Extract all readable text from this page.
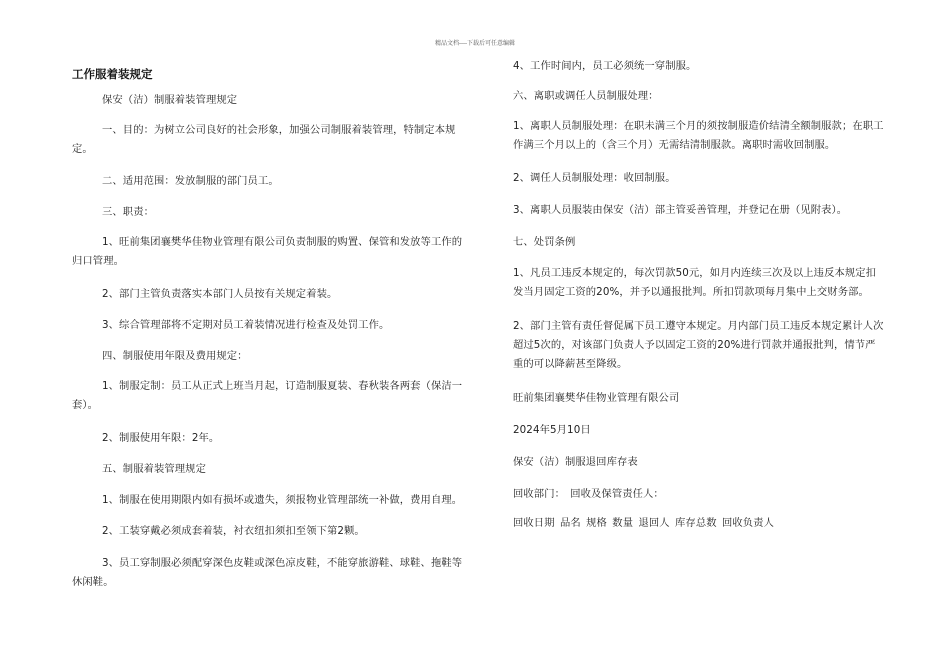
精品文档----下载后可任意编辑
工作服着装规定

保安（洁）制服着装管理规定

一、目的：为树立公司良好的社会形象，加强公司制服着装管理，特制定本规定。

二、适用范围：发放制服的部门员工。

三、职责：

1、旺前集团襄樊华佳物业管理有限公司负责制服的购置、保管和发放等工作的归口管理。

2、部门主管负责落实本部门人员按有关规定着装。

3、综合管理部将不定期对员工着装情况进行检查及处罚工作。

四、制服使用年限及费用规定：

1、制服定制：员工从正式上班当月起，订造制服夏装、春秋装各两套（保洁一套）。

2、制服使用年限：2年。

五、制服着装管理规定

1、制服在使用期限内如有损坏或遗失，须报物业管理部统一补做，费用自理。

2、工装穿戴必须成套着装，衬衣纽扣须扣至领下第2颗。

3、员工穿制服必须配穿深色皮鞋或深色凉皮鞋，不能穿旅游鞋、球鞋、拖鞋等休闲鞋。

4、工作时间内，员工必须统一穿制服。

六、离职或调任人员制服处理：

1、离职人员制服处理：在职未满三个月的须按制服造价结清全额制服款；在职工作满三个月以上的（含三个月）无需结清制服款。离职时需收回制服。

2、调任人员制服处理：收回制服。

3、离职人员服装由保安（洁）部主管妥善管理，并登记在册（见附表）。

七、处罚条例

1、凡员工违反本规定的，每次罚款50元，如月内连续三次及以上违反本规定扣发当月固定工资的20%，并予以通报批判。所扣罚款项每月集中上交财务部。

2、部门主管有责任督促属下员工遵守本规定。月内部门员工违反本规定累计人次超过5次的，对该部门负责人予以固定工资的20%进行罚款并通报批判，情节严重的可以降薪甚至降级。

旺前集团襄樊华佳物业管理有限公司

2024年5月10日

保安（洁）制服退回库存表

回收部门：　回收及保管责任人：

回收日期 品名 规格 数量 退回人 库存总数 回收负责人
